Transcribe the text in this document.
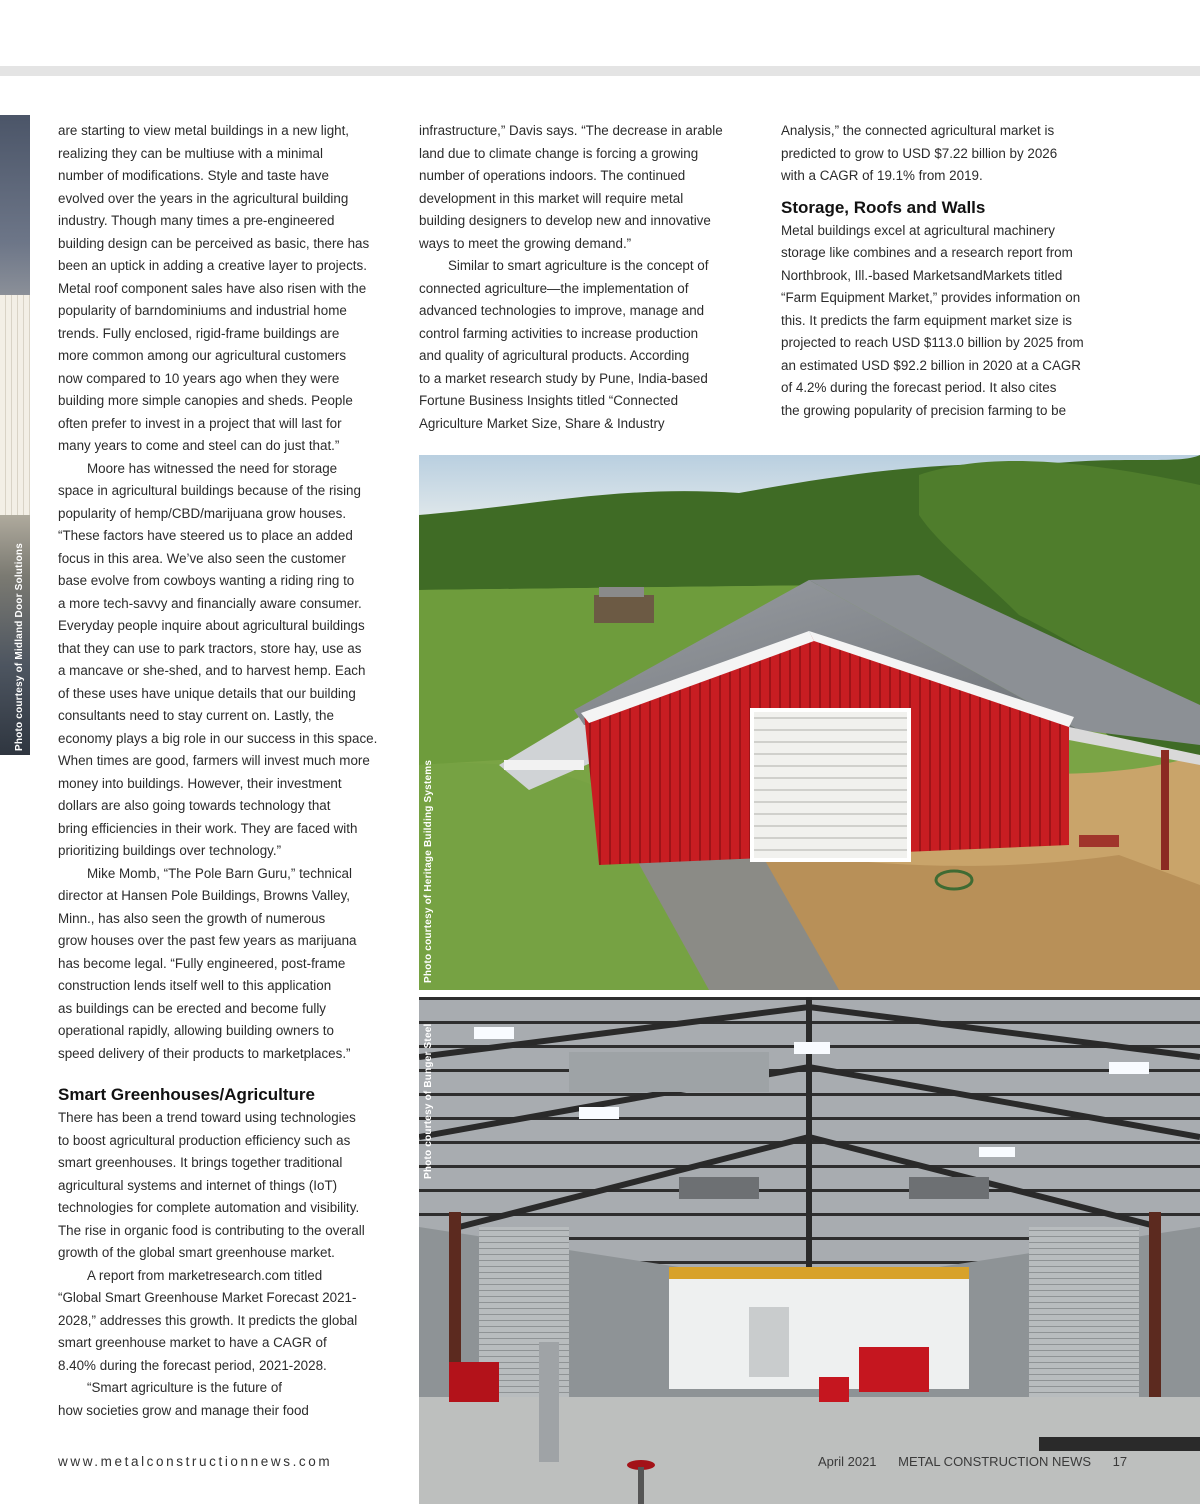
Photo courtesy of Midland Door Solutions
are starting to view metal buildings in a new light,
realizing they can be multiuse with a minimal
number of modifications. Style and taste have
evolved over the years in the agricultural building
industry. Though many times a pre-engineered
building design can be perceived as basic, there has
been an uptick in adding a creative layer to projects.
Metal roof component sales have also risen with the
popularity of barndominiums and industrial home
trends. Fully enclosed, rigid-frame buildings are
more common among our agricultural customers
now compared to 10 years ago when they were
building more simple canopies and sheds. People
often prefer to invest in a project that will last for
many years to come and steel can do just that.”
Moore has witnessed the need for storage
space in agricultural buildings because of the rising
popularity of hemp/CBD/marijuana grow houses.
“These factors have steered us to place an added
focus in this area. We’ve also seen the customer
base evolve from cowboys wanting a riding ring to
a more tech-savvy and financially aware consumer.
Everyday people inquire about agricultural buildings
that they can use to park tractors, store hay, use as
a mancave or she-shed, and to harvest hemp. Each
of these uses have unique details that our building
consultants need to stay current on. Lastly, the
economy plays a big role in our success in this space.
When times are good, farmers will invest much more
money into buildings. However, their investment
dollars are also going towards technology that
bring efficiencies in their work. They are faced with
prioritizing buildings over technology.”
Mike Momb, “The Pole Barn Guru,” technical
director at Hansen Pole Buildings, Browns Valley,
Minn., has also seen the growth of numerous
grow houses over the past few years as marijuana
has become legal. “Fully engineered, post-frame
construction lends itself well to this application
as buildings can be erected and become fully
operational rapidly, allowing building owners to
speed delivery of their products to marketplaces.”
Smart Greenhouses/Agriculture
There has been a trend toward using technologies
to boost agricultural production efficiency such as
smart greenhouses. It brings together traditional
agricultural systems and internet of things (IoT)
technologies for complete automation and visibility.
The rise in organic food is contributing to the overall
growth of the global smart greenhouse market.
A report from marketresearch.com titled
“Global Smart Greenhouse Market Forecast 2021-
2028,” addresses this growth. It predicts the global
smart greenhouse market to have a CAGR of
8.40% during the forecast period, 2021-2028.
“Smart agriculture is the future of
how societies grow and manage their food
infrastructure,” Davis says. “The decrease in arable
land due to climate change is forcing a growing
number of operations indoors. The continued
development in this market will require metal
building designers to develop new and innovative
ways to meet the growing demand.”
Similar to smart agriculture is the concept of
connected agriculture—the implementation of
advanced technologies to improve, manage and
control farming activities to increase production
and quality of agricultural products. According
to a market research study by Pune, India-based
Fortune Business Insights titled “Connected
Agriculture Market Size, Share & Industry
Analysis,” the connected agricultural market is
predicted to grow to USD $7.22 billion by 2026
with a CAGR of 19.1% from 2019.
Storage, Roofs and Walls
Metal buildings excel at agricultural machinery
storage like combines and a research report from
Northbrook, Ill.-based MarketsandMarkets titled
“Farm Equipment Market,” provides information on
this. It predicts the farm equipment market size is
projected to reach USD $113.0 billion by 2025 from
an estimated USD $92.2 billion in 2020 at a CAGR
of 4.2% during the forecast period. It also cites
the growing popularity of precision farming to be
Photo courtesy of Heritage Building Systems
Photo courtesy of Bunger Steel
www.metalconstructionnews.com	April 2021 METAL CONSTRUCTION NEWS 17
